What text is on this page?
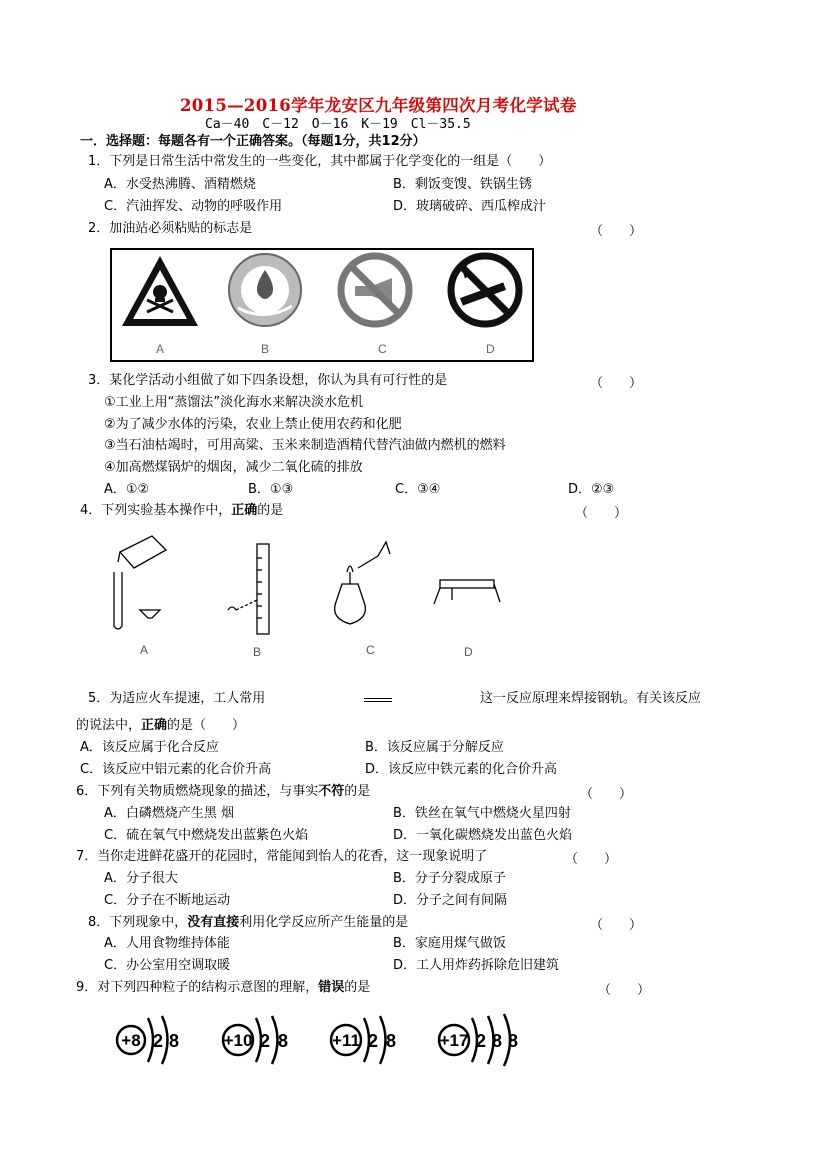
2015—2016学年龙安区九年级第四次月考化学试卷
Ca－40　C－12　O－16　K－19　Cl－35.5
一．选择题：每题各有一个正确答案。（每题1分，共12分）
1．下列是日常生活中常发生的一些变化，其中都属于化学变化的一组是（　　）
A．水受热沸腾、酒精燃烧	B．剩饭变馊、铁锅生锈
C．汽油挥发、动物的呼吸作用	D．玻璃破碎、西瓜榨成汁
2．加油站必须粘贴的标志是	（　　）
A	B	C	D
3．某化学活动小组做了如下四条设想，你认为具有可行性的是	（　　）
①工业上用“蒸馏法”淡化海水来解决淡水危机
②为了减少水体的污染，农业上禁止使用农药和化肥
③当石油枯竭时，可用高粱、玉米来制造酒精代替汽油做内燃机的燃料
④加高燃煤锅炉的烟囱，减少二氧化硫的排放
A．①②	B．①③	C．③④	D．②③
4．下列实验基本操作中，正确的是	（　　）
A	B	C	D
5．为适应火车提速，工人常用	这一反应原理来焊接钢轨。有关该反应
的说法中，正确的是（　　）
A．该反应属于化合反应	B．该反应属于分解反应
C．该反应中铝元素的化合价升高	D．该反应中铁元素的化合价升高
6．下列有关物质燃烧现象的描述，与事实不符的是	（　　）
A．白磷燃烧产生黑 烟	B．铁丝在氧气中燃烧火星四射
C．硫在氧气中燃烧发出蓝紫色火焰	D．一氧化碳燃烧发出蓝色火焰
7．当你走进鲜花盛开的花园时，常能闻到怡人的花香，这一现象说明了	（　　）
A．分子很大	B．分子分裂成原子
C．分子在不断地运动	D．分子之间有间隔
8．下列现象中，没有直接利用化学反应所产生能量的是	（　　）
A．人用食物维持体能	B．家庭用煤气做饭
C．办公室用空调取暖	D．工人用炸药拆除危旧建筑
9．对下列四种粒子的结构示意图的理解，错误的是	（　　）
+8 2 8	+10 2 8	+11 2 8	+17 2 8 8
